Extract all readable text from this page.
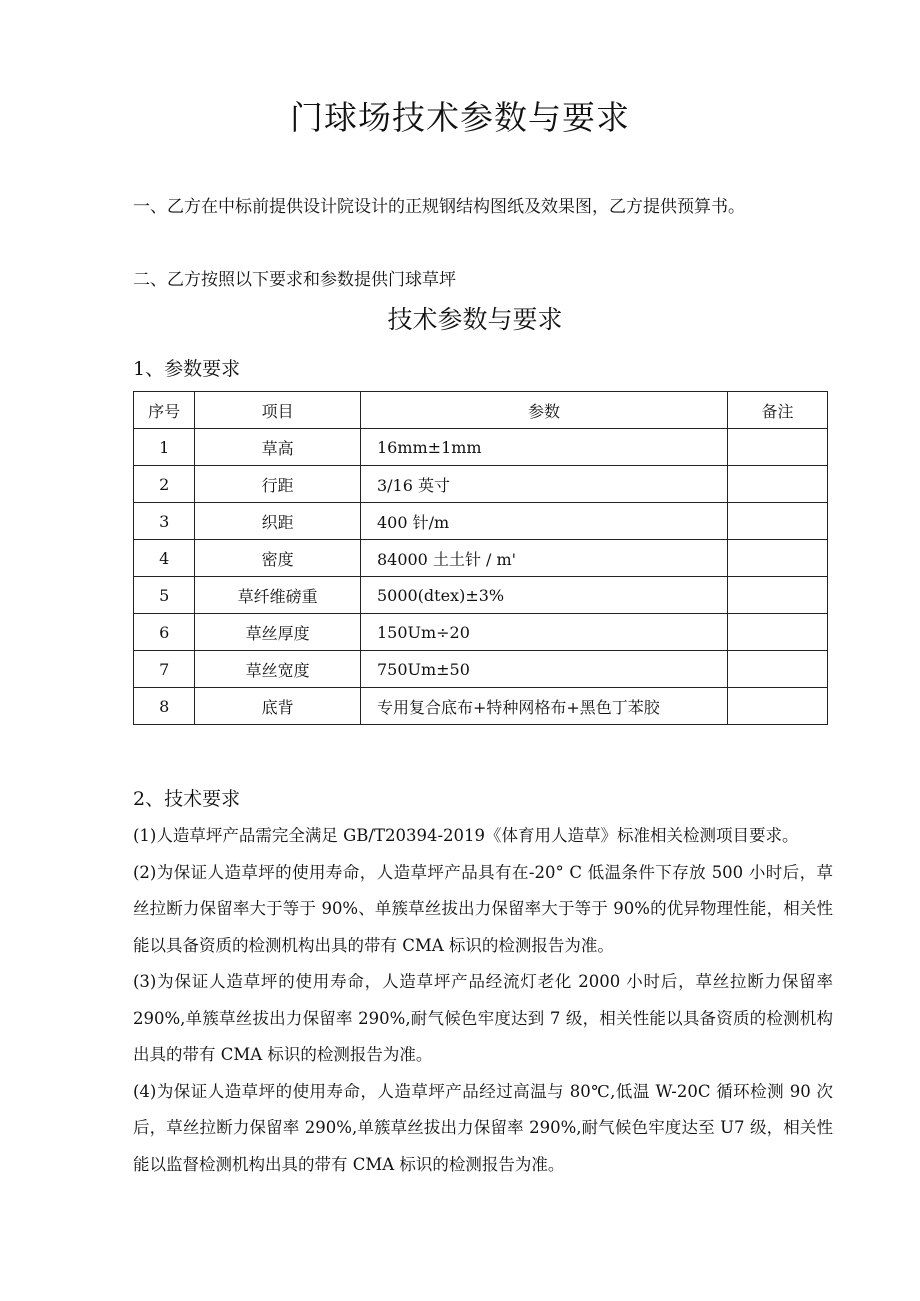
门球场技术参数与要求
一、乙方在中标前提供设计院设计的正规钢结构图纸及效果图，乙方提供预算书。
二、乙方按照以下要求和参数提供门球草坪
技术参数与要求
1、参数要求
序号	项目	参数	备注
1	草高	16mm±1mm	
2	行距	3/16 英寸	
3	织距	400 针/m	
4	密度	84000 土土针 / m'	
5	草纤维磅重	5000(dtex)±3%	
6	草丝厚度	150Um÷20	
7	草丝宽度	750Um±50	
8	底背	专用复合底布+特种网格布+黑色丁苯胶	
2、技术要求

(1)人造草坪产品需完全满足 GB/T20394-2019《体育用人造草》标准相关检测项目要求。

(2)为保证人造草坪的使用寿命，人造草坪产品具有在-20° C 低温条件下存放 500 小时后，草丝拉断力保留率大于等于 90%、单簇草丝拔出力保留率大于等于 90%的优异物理性能，相关性能以具备资质的检测机构出具的带有 CMA 标识的检测报告为准。

(3)为保证人造草坪的使用寿命，人造草坪产品经流灯老化 2000 小时后，草丝拉断力保留率 290%,单簇草丝拔出力保留率 290%,耐气候色牢度达到 7 级，相关性能以具备资质的检测机构出具的带有 CMA 标识的检测报告为准。

(4)为保证人造草坪的使用寿命，人造草坪产品经过高温与 80℃,低温 W-20C 循环检测 90 次后，草丝拉断力保留率 290%,单簇草丝拔出力保留率 290%,耐气候色牢度达至 U7 级，相关性能以监督检测机构出具的带有 CMA 标识的检测报告为准。
